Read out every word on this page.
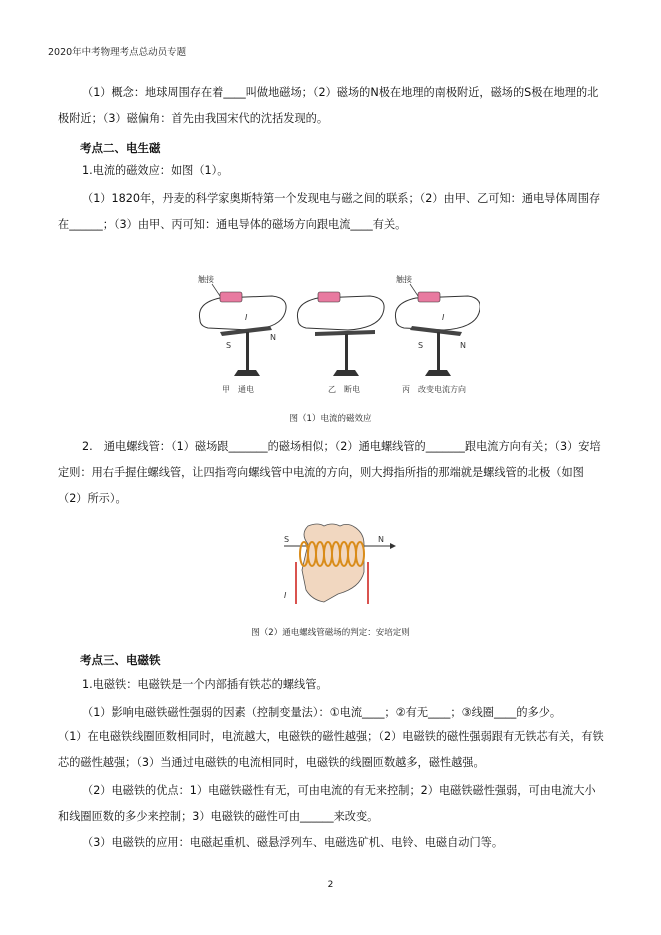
2020年中考物理考点总动员专题
（1）概念：地球周围存在着____叫做地磁场；（2）磁场的N极在地理的南极附近，磁场的S极在地理的北极附近；（3）磁偏角：首先由我国宋代的沈括发现的。
考点二、电生磁
1.电流的磁效应：如图（1）。
（1）1820年，丹麦的科学家奥斯特第一个发现电与磁之间的联系；（2）由甲、乙可知：通电导体周围存在______；（3）由甲、丙可知：通电导体的磁场方向跟电流____有关。
触接
I
S
N
甲　通电	乙　断电
触接
I
S	N
丙　改变电流方向
图（1）电流的磁效应
2.　通电螺线管：（1）磁场跟_______的磁场相似；（2）通电螺线管的_______跟电流方向有关；（3）安培定则：用右手握住螺线管，让四指弯向螺线管中电流的方向，则大拇指所指的那端就是螺线管的北极（如图（2）所示）。
S	N
I
图（2）通电螺线管磁场的判定：安培定则
考点三、电磁铁
1.电磁铁：电磁铁是一个内部插有铁芯的螺线管。
（1）影响电磁铁磁性强弱的因素（控制变量法）：①电流____；②有无____；③线圈____的多少。
（1）在电磁铁线圈匝数相同时，电流越大，电磁铁的磁性越强；（2）电磁铁的磁性强弱跟有无铁芯有关，有铁芯的磁性越强；（3）当通过电磁铁的电流相同时，电磁铁的线圈匝数越多，磁性越强。
（2）电磁铁的优点：1）电磁铁磁性有无，可由电流的有无来控制；2）电磁铁磁性强弱，可由电流大小和线圈匝数的多少来控制；3）电磁铁的磁性可由______来改变。
（3）电磁铁的应用：电磁起重机、磁悬浮列车、电磁选矿机、电铃、电磁自动门等。
2
